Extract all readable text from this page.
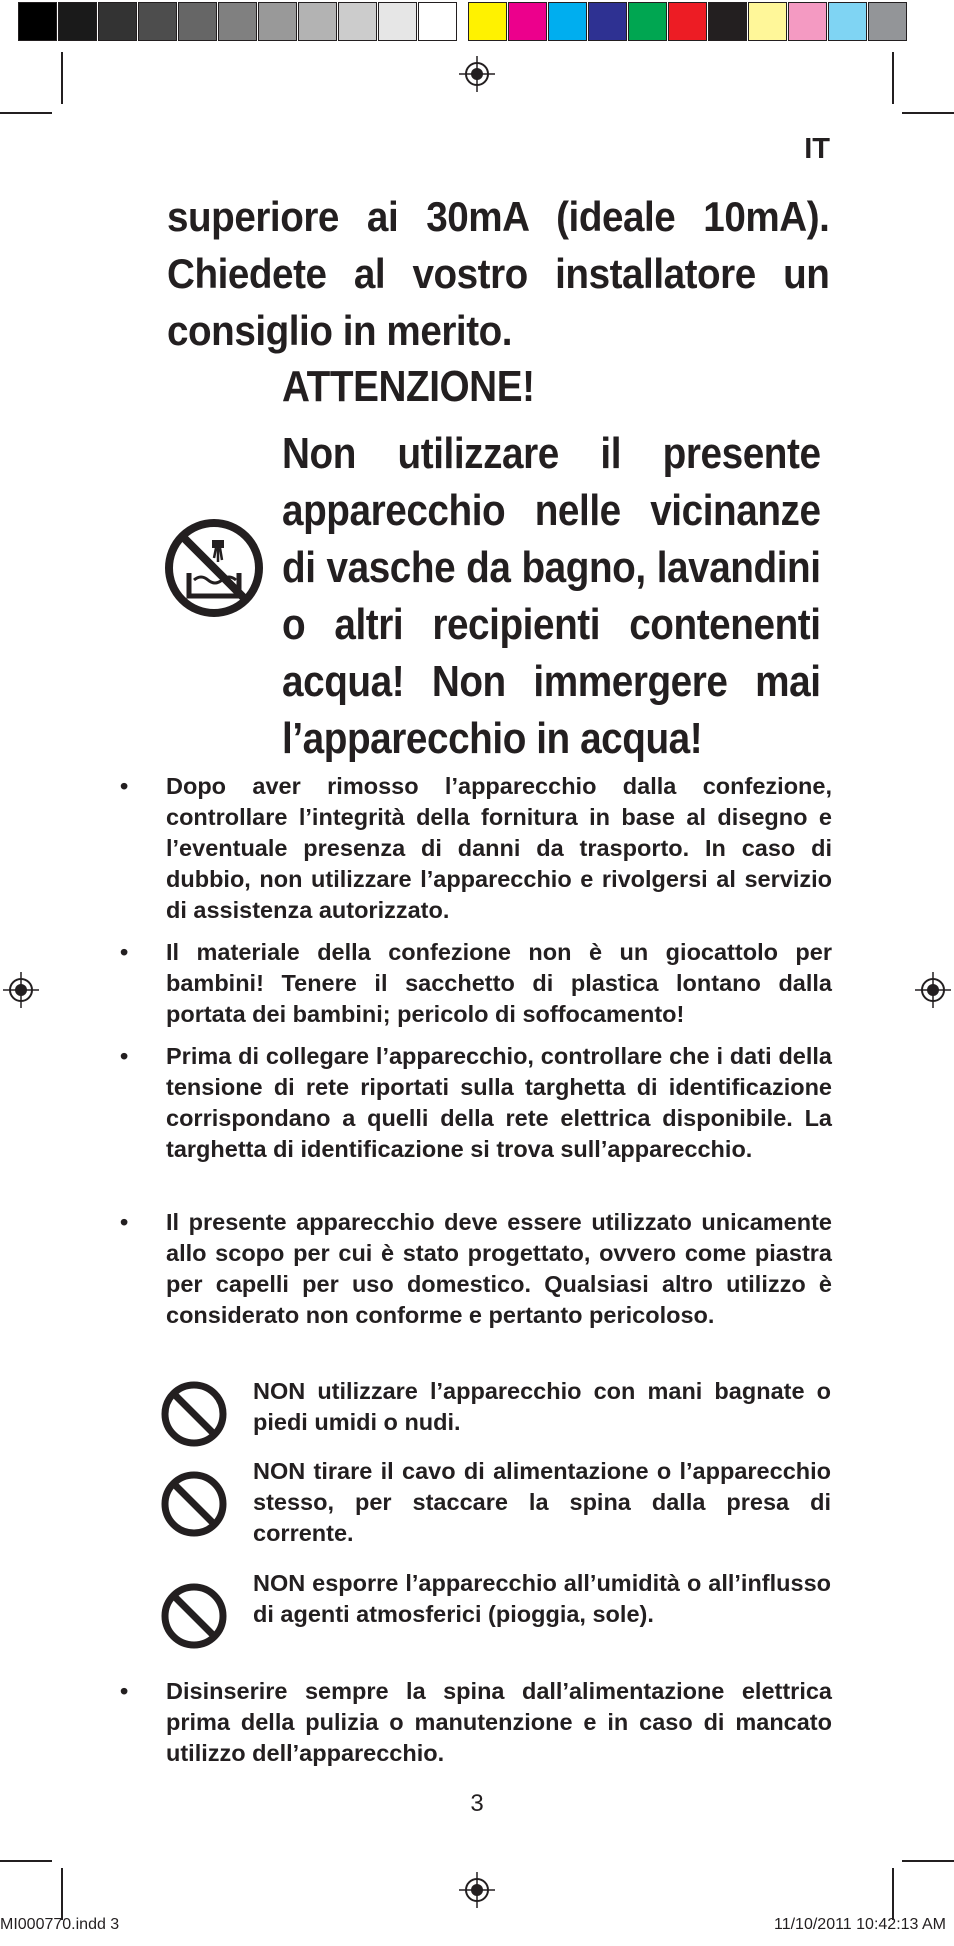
IT
superiore ai 30mA (ideale 10mA). Chiedete al vostro installatore un consiglio in merito.
ATTENZIONE!
Non utilizzare il presente apparecchio nelle vicinanze di vasche da bagno, lavandini o altri recipienti contenenti acqua! Non immergere mai l’apparecchio in acqua!
• Dopo aver rimosso l’apparecchio dalla confezione, controllare l’integrità della fornitura in base al disegno e l’eventuale presenza di danni da trasporto. In caso di dubbio, non utilizzare l’apparecchio e rivolgersi al servizio di assistenza autorizzato.
• Il materiale della confezione non è un giocattolo per bambini! Tenere il sacchetto di plastica lontano dalla portata dei bambini; pericolo di soffocamento!
• Prima di collegare l’apparecchio, controllare che i dati della tensione di rete riportati sulla targhetta di identificazione corrispondano a quelli della rete elettrica disponibile. La targhetta di identificazione si trova sull’apparecchio.
• Il presente apparecchio deve essere utilizzato unicamente allo scopo per cui è stato progettato, ovvero come piastra per capelli per uso domestico. Qualsiasi altro utilizzo è considerato non conforme e pertanto pericoloso.
NON utilizzare l’apparecchio con mani bagnate o piedi umidi o nudi.
NON tirare il cavo di alimentazione o l’apparecchio stesso, per staccare la spina dalla presa di corrente.
NON esporre l’apparecchio all’umidità o all’influsso di agenti atmosferici (pioggia, sole).
• Disinserire sempre la spina dall’alimentazione elettrica prima della pulizia o manutenzione e in caso di mancato utilizzo dell’apparecchio.
3
MI000770.indd 3	11/10/2011 10:42:13 AM
